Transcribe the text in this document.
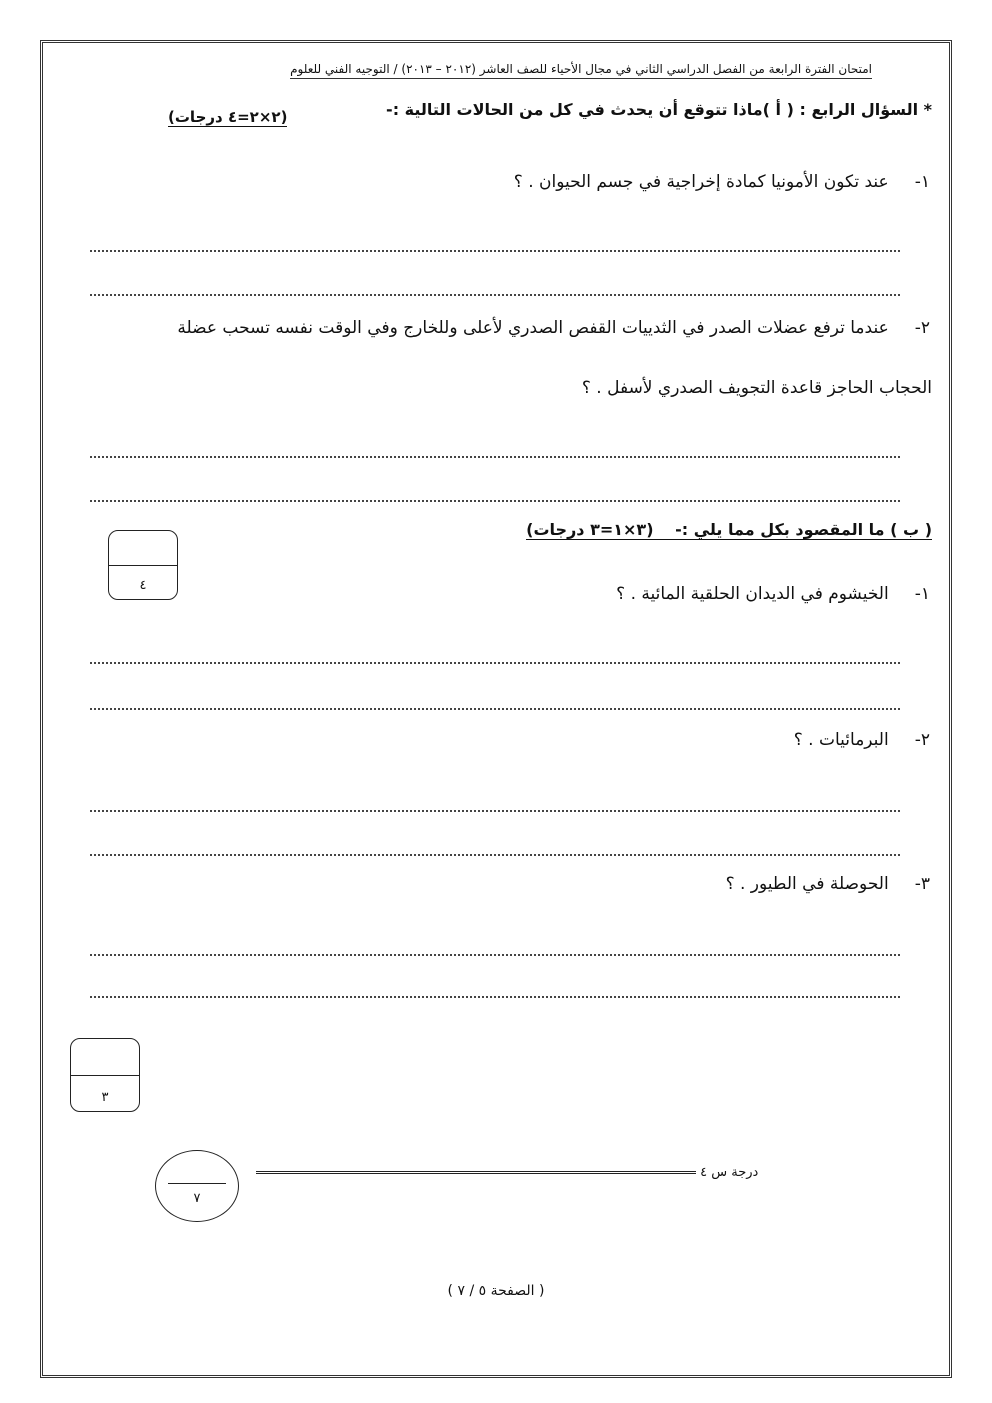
امتحان الفترة الرابعة من الفصل الدراسي الثاني في مجال الأحياء للصف العاشر (٢٠١٢ – ٢٠١٣) / التوجيه الفني للعلوم
* السؤال الرابع : ( أ )ماذا تتوقع أن يحدث في كل من الحالات التالية :-
(٢×٢=٤ درجات)
١-عند تكون الأمونيا كمادة إخراجية في جسم الحيوان . ؟
٢-عندما ترفع عضلات الصدر في الثدييات القفص الصدري لأعلى وللخارج وفي الوقت نفسه تسحب عضلة
الحجاب الحاجز قاعدة التجويف الصدري لأسفل . ؟
( ب ) ما المقصود بكل مما يلي :- (٣×١=٣ درجات)
٤	١-الخيشوم في الديدان الحلقية المائية . ؟
٢-البرمائيات . ؟
٣-الحوصلة في الطيور . ؟
٣
٧
درجة س ٤
( الصفحة ٥ / ٧ )
